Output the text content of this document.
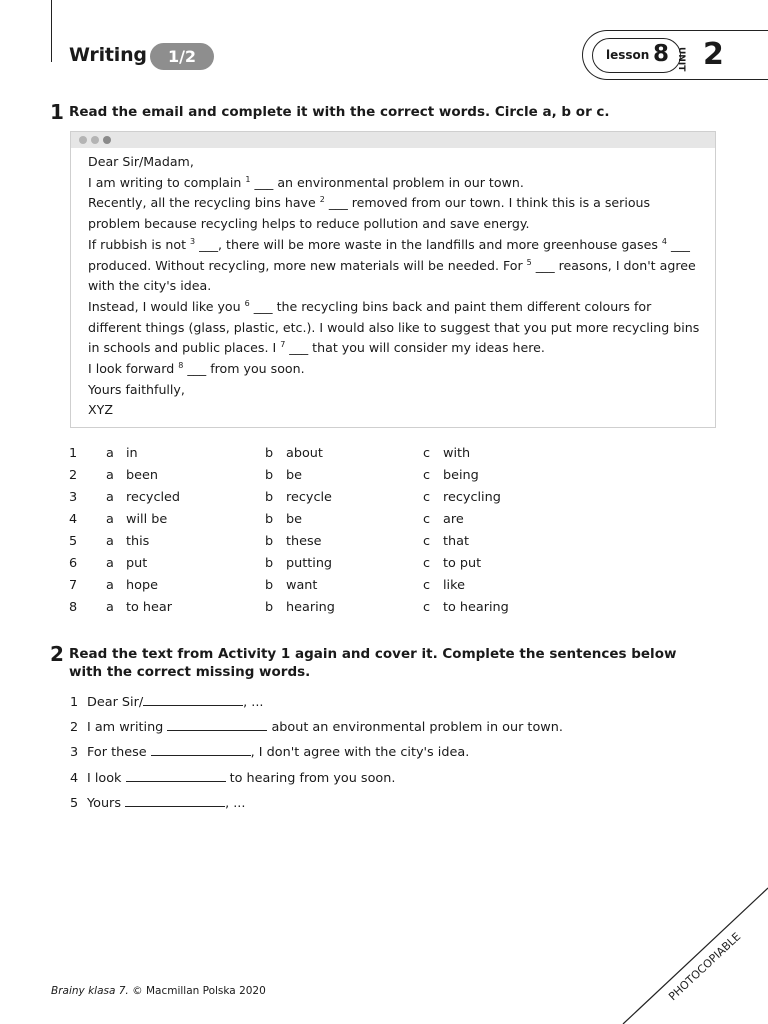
Writing	1/2	lesson 8 UNIT 2
1 Read the email and complete it with the correct words. Circle a, b or c.

Dear Sir/Madam,

I am writing to complain $^1$ ___ an environmental problem in our town.

Recently, all the recycling bins have $^2$ ___ removed from our town. I think this is a serious

problem because recycling helps to reduce pollution and save energy.

If rubbish is not $^3$ ___, there will be more waste in the landfills and more greenhouse gases $^4$ ___

produced. Without recycling, more new materials will be needed. For $^5$ ___ reasons, I don't agree

with the city's idea.

Instead, I would like you $^6$ ___ the recycling bins back and paint them different colours for

different things (glass, plastic, etc.). I would also like to suggest that you put more recycling bins

in schools and public places. I $^7$ ___ that you will consider my ideas here.

I look forward $^8$ ___ from you soon.

Yours faithfully,

XYZ

1 a in	b about	c with
2 a been	b be	c being
3 a recycled	b recycle	c recycling
4 a will be	b be	c are
5 a this	b these	c that
6 a put	b putting	c to put
7 a hope	b want	c like
8 a to hear	b hearing	c to hearing
2 Read the text from Activity 1 again and cover it. Complete the sentences below
with the correct missing words.
1 Dear Sir/	, ...
2 I am writing	about an environmental problem in our town.
3 For these	, I don't agree with the city's idea.
4 I look	to hearing from you soon.
5 Yours	, ...
Brainy klasa 7. © Macmillan Polska 2020	PHOTOCOPIABLE
